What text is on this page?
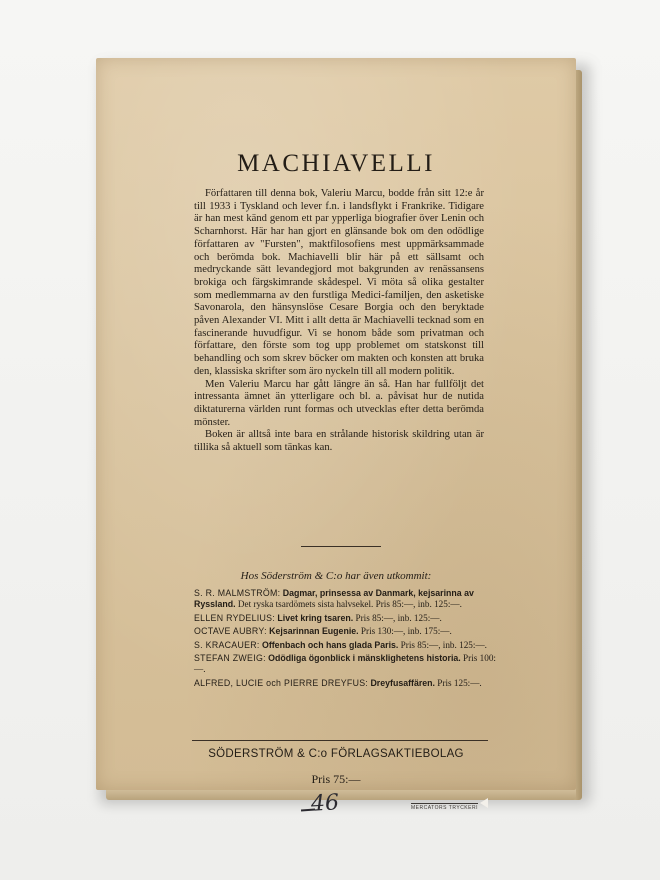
MACHIAVELLI

Författaren till denna bok, Valeriu Marcu, bodde från sitt 12:e år till 1933 i Tyskland och lever f.n. i landsflykt i Frankrike. Tidigare är han mest känd genom ett par ypperliga biografier över Lenin och Scharnhorst. Här har han gjort en glänsande bok om den odödlige författaren av "Fursten", maktfilosofiens mest uppmärksammade och berömda bok. Machiavelli blir här på ett sällsamt och medryckande sätt levandegjord mot bakgrunden av renässansens brokiga och färgskimrande skådespel. Vi möta så olika gestalter som medlemmarna av den furstliga Medici-familjen, den asketiske Savonarola, den hänsynslöse Cesare Borgia och den beryktade påven Alexander VI. Mitt i allt detta är Machiavelli tecknad som en fascinerande huvudfigur. Vi se honom både som privatman och författare, den förste som tog upp problemet om statskonst till behandling och som skrev böcker om makten och konsten att bruka den, klassiska skrifter som äro nyckeln till all modern politik.

Men Valeriu Marcu har gått längre än så. Han har fullföljt det intressanta ämnet än ytterligare och bl. a. påvisat hur de nutida diktaturerna världen runt formas och utvecklas efter detta berömda mönster.

Boken är alltså inte bara en strålande historisk skildring utan är tillika så aktuell som tänkas kan.

Hos Söderström & C:o har även utkommit:
S. R. MALMSTRÖM: Dagmar, prinsessa av Danmark, kejsarinna av Ryssland. Det ryska tsardömets sista halvsekel. Pris 85:—, inb. 125:—.
ELLEN RYDELIUS: Livet kring tsaren. Pris 85:—, inb. 125:—.
OCTAVE AUBRY: Kejsarinnan Eugenie. Pris 130:—, inb. 175:—.
S. KRACAUER: Offenbach och hans glada Paris. Pris 85:—, inb. 125:—.
STEFAN ZWEIG: Odödliga ögonblick i mänsklighetens historia. Pris 100:—.
ALFRED, LUCIE och PIERRE DREYFUS: Dreyfusaffären. Pris 125:—.
SÖDERSTRÖM & C:o FÖRLAGSAKTIEBOLAG
Pris 75:—
46	MERCATORS TRYCKERI
